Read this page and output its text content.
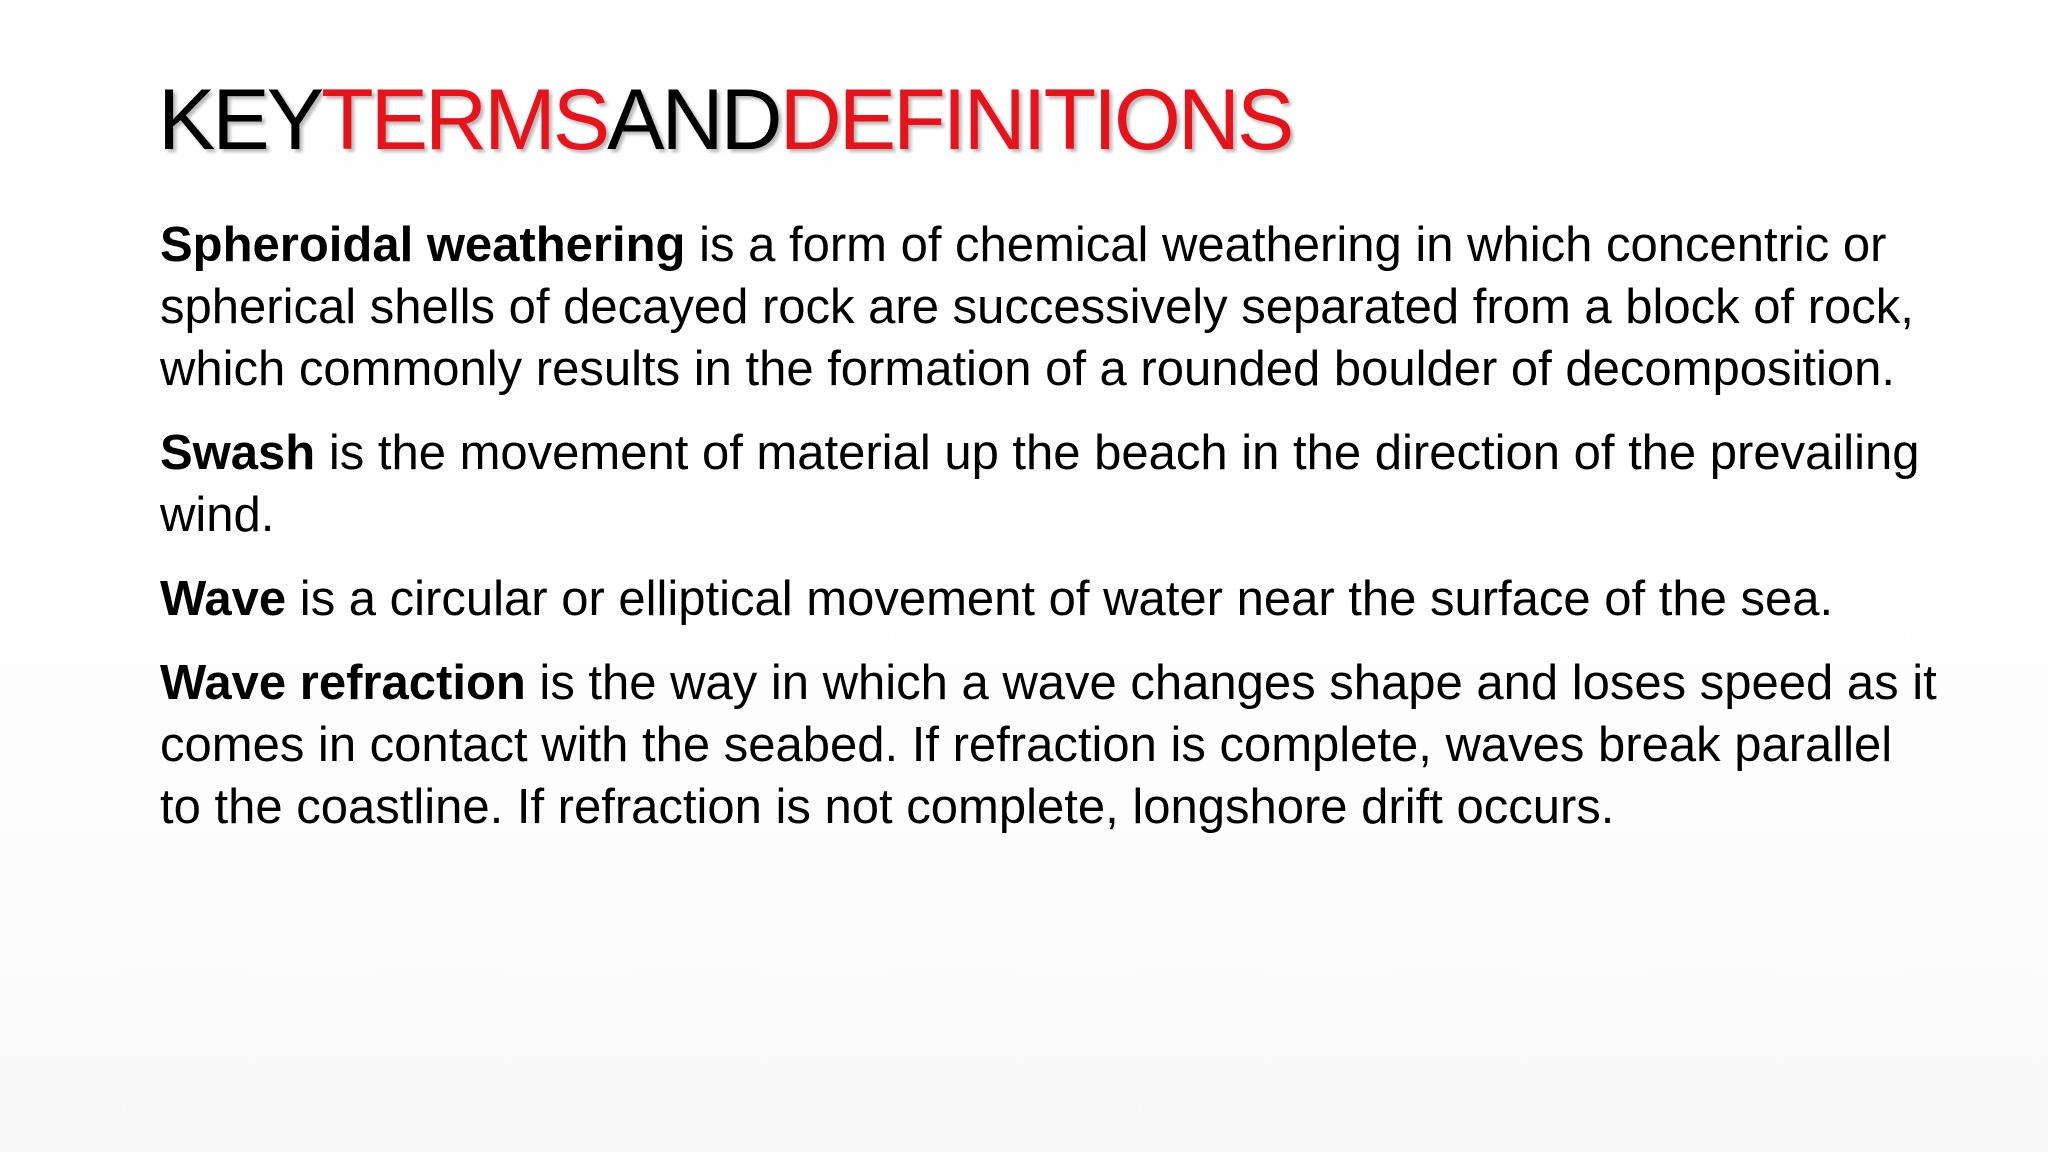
KEYTERMSANDDEFINITIONS

Spheroidal weathering is a form of chemical weathering in which concentric or spherical shells of decayed rock are successively separated from a block of rock, which commonly results in the formation of a rounded boulder of decomposition.

Swash is the movement of material up the beach in the direction of the prevailing wind.

Wave is a circular or elliptical movement of water near the surface of the sea.

Wave refraction is the way in which a wave changes shape and loses speed as it comes in contact with the seabed. If refraction is complete, waves break parallel to the coastline. If refraction is not complete, longshore drift occurs.
